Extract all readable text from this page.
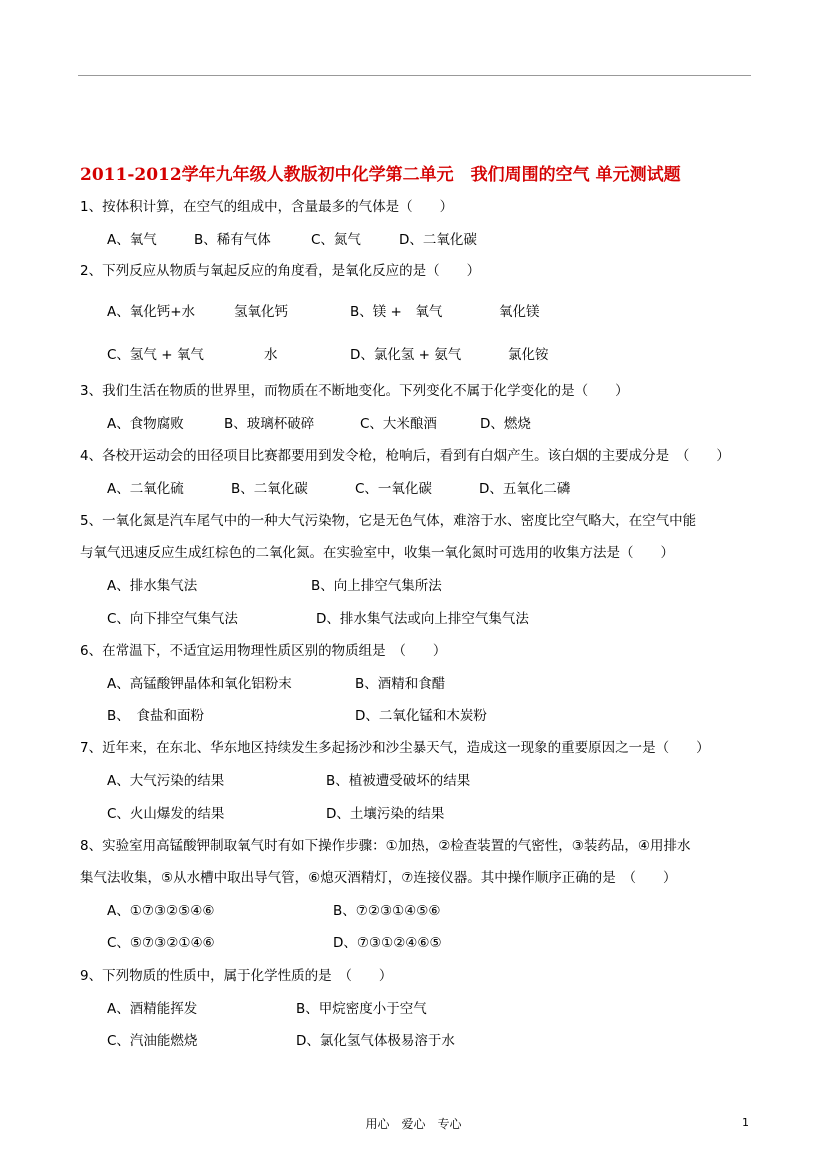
2011-2012学年九年级人教版初中化学第二单元　我们周围的空气 单元测试题
1、按体积计算，在空气的组成中，含量最多的气体是（　　）
A、氧气	B、稀有气体	C、氮气	D、二氧化碳
2、下列反应从物质与氧起反应的角度看，是氧化反应的是（　　）
A、氧化钙+水	氢氧化钙	B、镁 +　氧气	氧化镁
C、氢气 + 氧气	水	D、氯化氢 + 氨气	氯化铵
3、我们生活在物质的世界里，而物质在不断地变化。下列变化不属于化学变化的是（　　）
A、食物腐败	B、玻璃杯破碎	C、大米酿酒	D、燃烧
4、各校开运动会的田径项目比赛都要用到发令枪，枪响后，看到有白烟产生。该白烟的主要成分是　（　　）
A、二氧化硫	B、二氧化碳	C、一氧化碳	D、五氧化二磷
5、一氧化氮是汽车尾气中的一种大气污染物，它是无色气体，难溶于水、密度比空气略大，在空气中能
与氧气迅速反应生成红棕色的二氧化氮。在实验室中，收集一氧化氮时可选用的收集方法是（　　）
A、排水集气法	B、向上排空气集所法
C、向下排空气集气法	D、排水集气法或向上排空气集气法
6、在常温下，不适宜运用物理性质区别的物质组是　（　　）
A、高锰酸钾晶体和氧化铝粉末	B、酒精和食醋
B、　食盐和面粉	D、二氧化锰和木炭粉
7、近年来，在东北、华东地区持续发生多起扬沙和沙尘暴天气，造成这一现象的重要原因之一是（　　）
A、大气污染的结果	B、植被遭受破坏的结果
C、火山爆发的结果	D、土壤污染的结果
8、实验室用高锰酸钾制取氧气时有如下操作步骤：①加热，②检查装置的气密性，③装药品，④用排水
集气法收集，⑤从水槽中取出导气管，⑥熄灭酒精灯，⑦连接仪器。其中操作顺序正确的是　（　　）
A、①⑦③②⑤④⑥	B、⑦②③①④⑤⑥
C、⑤⑦③②①④⑥	D、⑦③①②④⑥⑤
9、下列物质的性质中，属于化学性质的是　（　　）
A、酒精能挥发	B、甲烷密度小于空气
C、汽油能燃烧	D、氯化氢气体极易溶于水
用心　爱心　专心	1
